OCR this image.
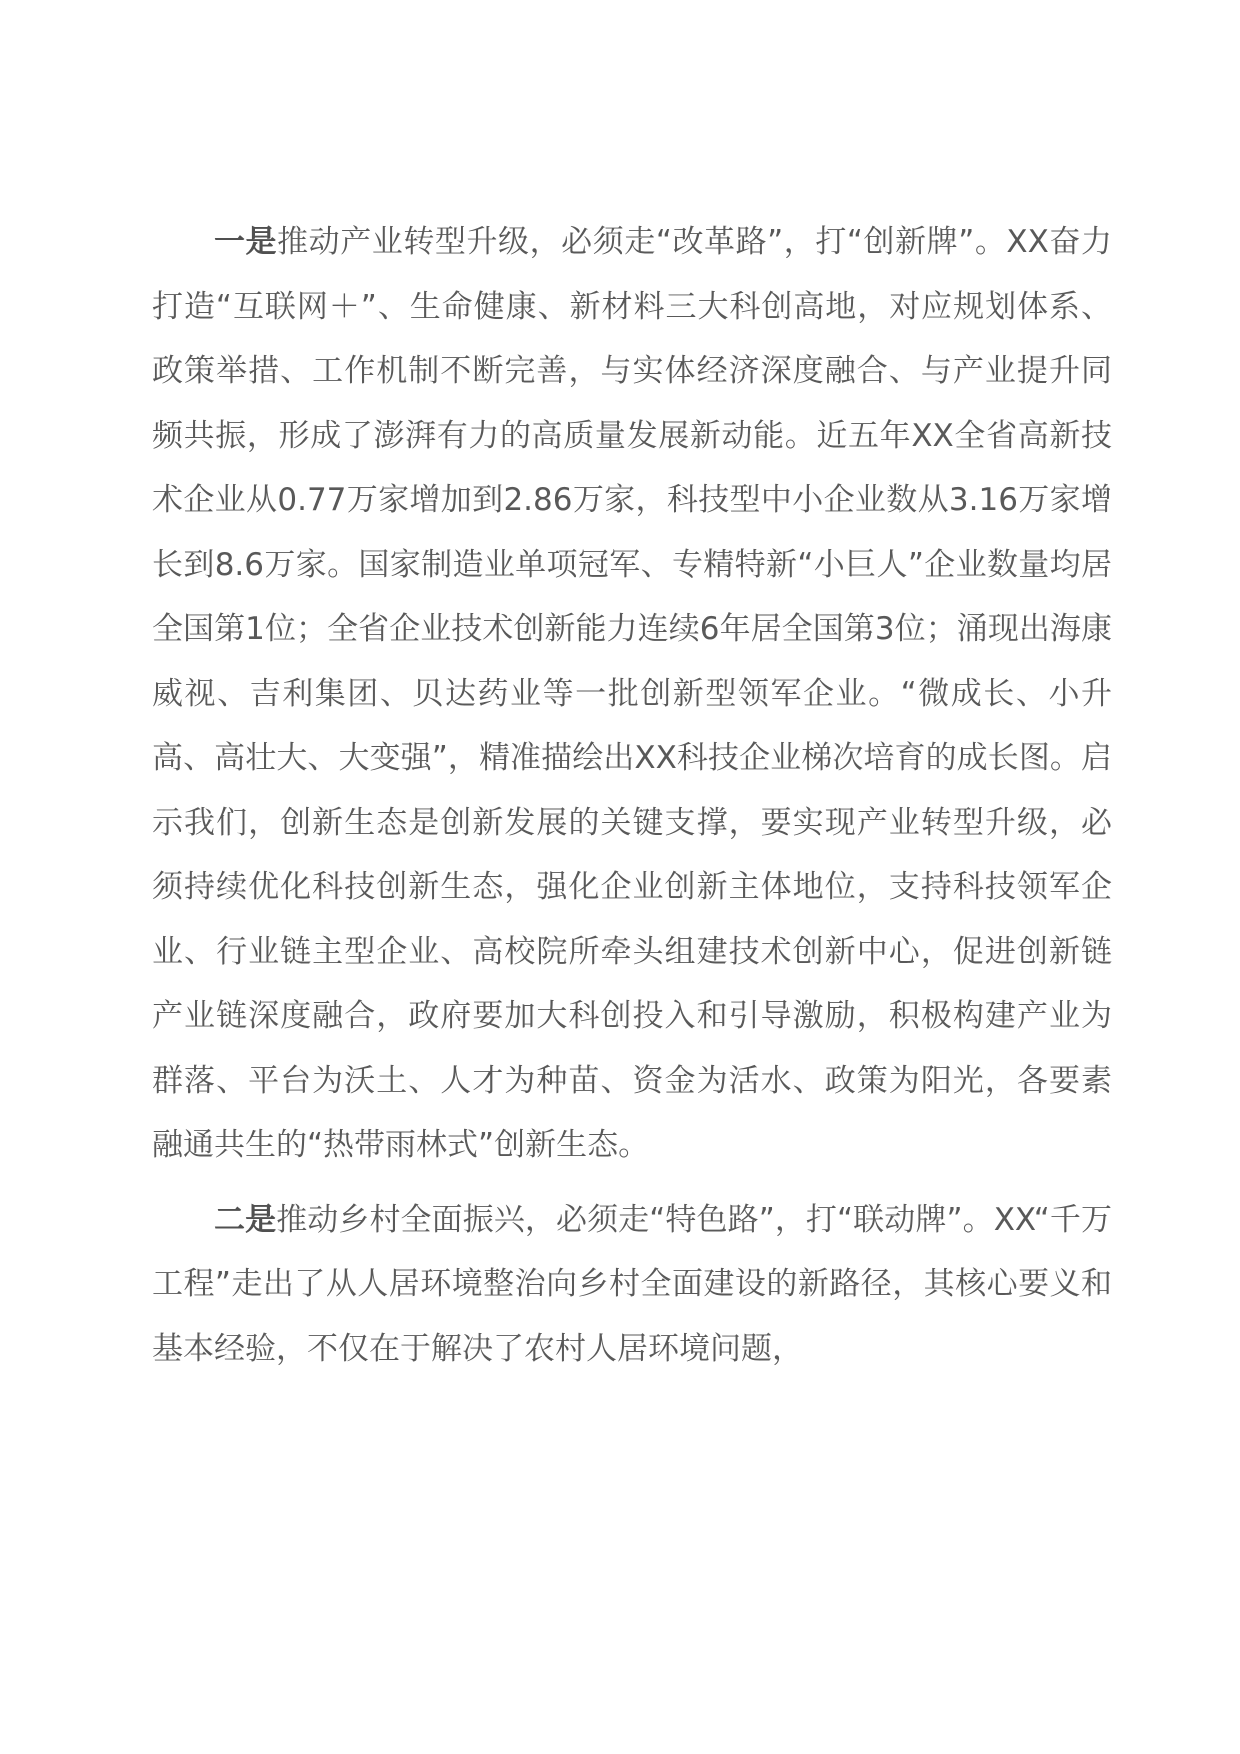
一是推动产业转型升级，必须走“改革路”，打“创新牌”。XX奋力打造“互联网＋”、生命健康、新材料三大科创高地，对应规划体系、政策举措、工作机制不断完善，与实体经济深度融合、与产业提升同频共振，形成了澎湃有力的高质量发展新动能。近五年XX全省高新技术企业从0.77万家增加到2.86万家，科技型中小企业数从3.16万家增长到8.6万家。国家制造业单项冠军、专精特新“小巨人”企业数量均居全国第1位；全省企业技术创新能力连续6年居全国第3位；涌现出海康威视、吉利集团、贝达药业等一批创新型领军企业。“微成长、小升高、高壮大、大变强”，精准描绘出XX科技企业梯次培育的成长图。启示我们，创新生态是创新发展的关键支撑，要实现产业转型升级，必须持续优化科技创新生态，强化企业创新主体地位，支持科技领军企业、行业链主型企业、高校院所牵头组建技术创新中心，促进创新链产业链深度融合，政府要加大科创投入和引导激励，积极构建产业为群落、平台为沃土、人才为种苗、资金为活水、政策为阳光，各要素融通共生的“热带雨林式”创新生态。

二是推动乡村全面振兴，必须走“特色路”，打“联动牌”。XX“千万工程”走出了从人居环境整治向乡村全面建设的新路径，其核心要义和基本经验，不仅在于解决了农村人居环境问题，
